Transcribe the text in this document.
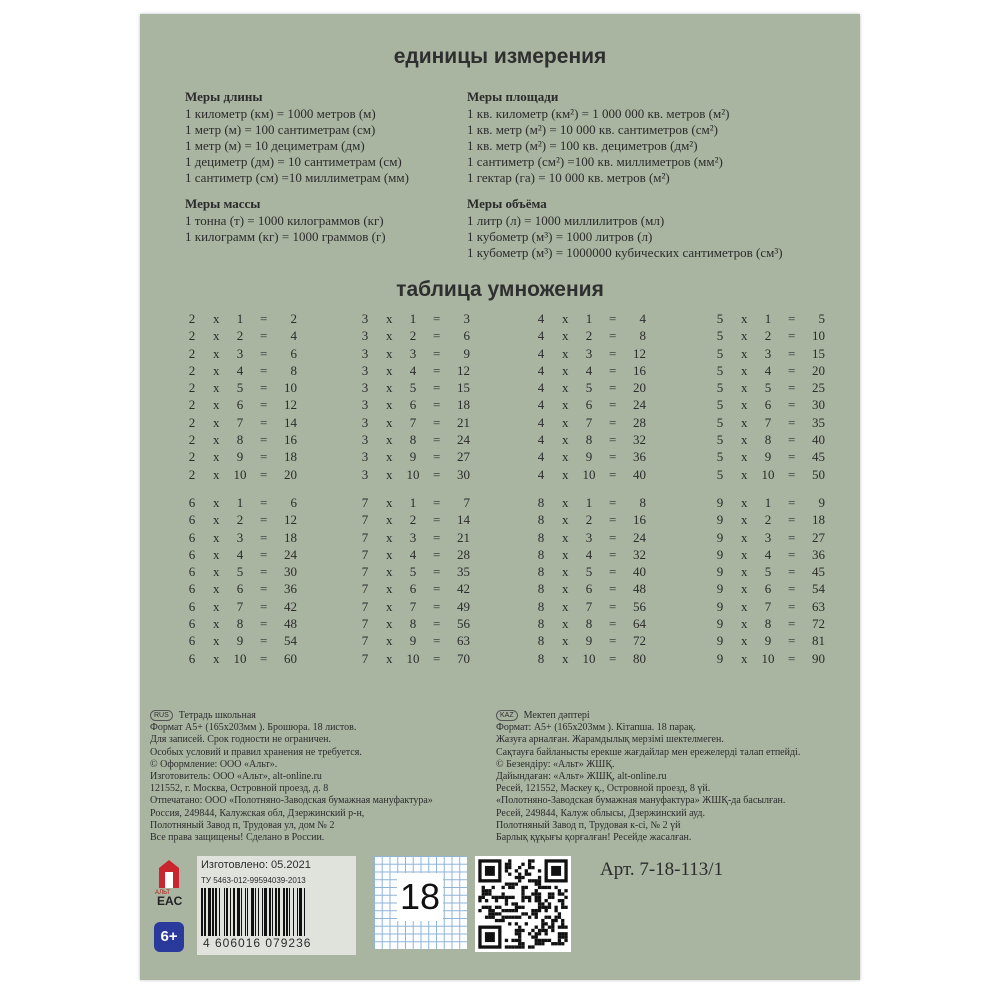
единицы измерения
Меры длины
1 километр (км) = 1000 метров (м)
1 метр (м) = 100 сантиметрам (см)
1 метр (м) = 10 дециметрам (дм)
1 дециметр (дм) = 10 сантиметрам (см)
1 сантиметр (см) =10 миллиметрам (мм)
Меры массы
1 тонна (т) = 1000 килограммов (кг)
1 килограмм (кг) = 1000 граммов (г)
Меры площади
1 кв. километр (км²) = 1 000 000 кв. метров (м²)
1 кв. метр (м²) = 10 000 кв. сантиметров (см²)
1 кв. метр (м²) = 100 кв. дециметров (дм²)
1 сантиметр (см²) =100 кв. миллиметров (мм²)
1 гектар (га) = 10 000 кв. метров (м²)
Меры объёма
1 литр (л) = 1000 миллилитров (мл)
1 кубометр (м³) = 1000 литров (л)
1 кубометр (м³) = 1000000 кубических сантиметров (см³)
таблица умножения
2 x	1	=	2
2 x	2	=	4
2 x	3	=	6
2 x	4	=	8
2 x	5	=	10
2 x	6	=	12
2 x	7	=	14
2 x	8	=	16
2 x	9	=	18
2 x 10 =	20
3 x	1	=	3
3 x	2	=	6
3 x	3	=	9
3 x	4	=	12
3 x	5	=	15
3 x	6	=	18
3 x	7	=	21
3 x	8	=	24
3 x	9	=	27
3 x 10 =	30
4 x	1	=	4
4 x	2	=	8
4 x	3	=	12
4 x	4	=	16
4 x	5	=	20
4 x	6	=	24
4 x	7	=	28
4 x	8	=	32
4 x	9	=	36
4 x 10 =	40
5 x	1	=	5
5 x	2	=	10
5 x	3	=	15
5 x	4	=	20
5 x	5	=	25
5 x	6	=	30
5 x	7	=	35
5 x	8	=	40
5 x	9	=	45
5 x 10 =	50
6 x	1	=	6
6 x	2	=	12
6 x	3	=	18
6 x	4	=	24
6 x	5	=	30
6 x	6	=	36
6 x	7	=	42
6 x	8	=	48
6 x	9	=	54
6 x 10 =	60
7 x	1	=	7
7 x	2	=	14
7 x	3	=	21
7 x	4	=	28
7 x	5	=	35
7 x	6	=	42
7 x	7	=	49
7 x	8	=	56
7 x	9	=	63
7 x 10 =	70
8 x	1	=	8
8 x	2	=	16
8 x	3	=	24
8 x	4	=	32
8 x	5	=	40
8 x	6	=	48
8 x	7	=	56
8 x	8	=	64
8 x	9	=	72
8 x 10 =	80
9 x	1	=	9
9 x	2	=	18
9 x	3	=	27
9 x	4	=	36
9 x	5	=	45
9 x	6	=	54
9 x	7	=	63
9 x	8	=	72
9 x	9	=	81
9 x 10 =	90
RUS Тетрадь школьная
Формат А5+ (165x203мм ). Брошюра. 18 листов.
Для записей. Срок годности не ограничен.
Особых условий и правил хранения не требуется.
© Оформление: ООО «Альт».
Изготовитель: ООО «Альт», alt-online.ru
121552, г. Москва, Островной проезд, д. 8
Отпечатано: ООО «Полотняно-Заводская бумажная мануфактура»
Россия, 249844, Калужская обл, Дзержинский р-н,
Полотняный Завод п, Трудовая ул, дом № 2
Все права защищены! Сделано в России.
KAZ Мектеп дәптері
Формат: А5+ (165x203мм ). Кітапша. 18 парақ.
Жазуға арналған. Жарамдылық мерзімі шектелмеген.
Сақтауға байланысты ерекше жағдайлар мен ережелерді талап етпейді.
© Безендіру: «Альт» ЖШҚ.
Дайындаған: «Альт» ЖШҚ, alt-online.ru
Ресей, 121552, Мәскеу қ., Островной проезд, 8 үй.
«Полотняно-Заводская бумажная мануфактура» ЖШҚ-да басылған.
Ресей, 249844, Калуж облысы, Дзержинский ауд.
Полотняный Завод п, Трудовая к-сі, № 2 үй
Барлық құқығы қорғалған! Ресейде жасалған.
АЛЬТ
EAC
6+
Изготовлено: 05.2021
ТУ 5463-012-99594039-2013
4 606016 079236
18
Арт. 7-18-113/1
